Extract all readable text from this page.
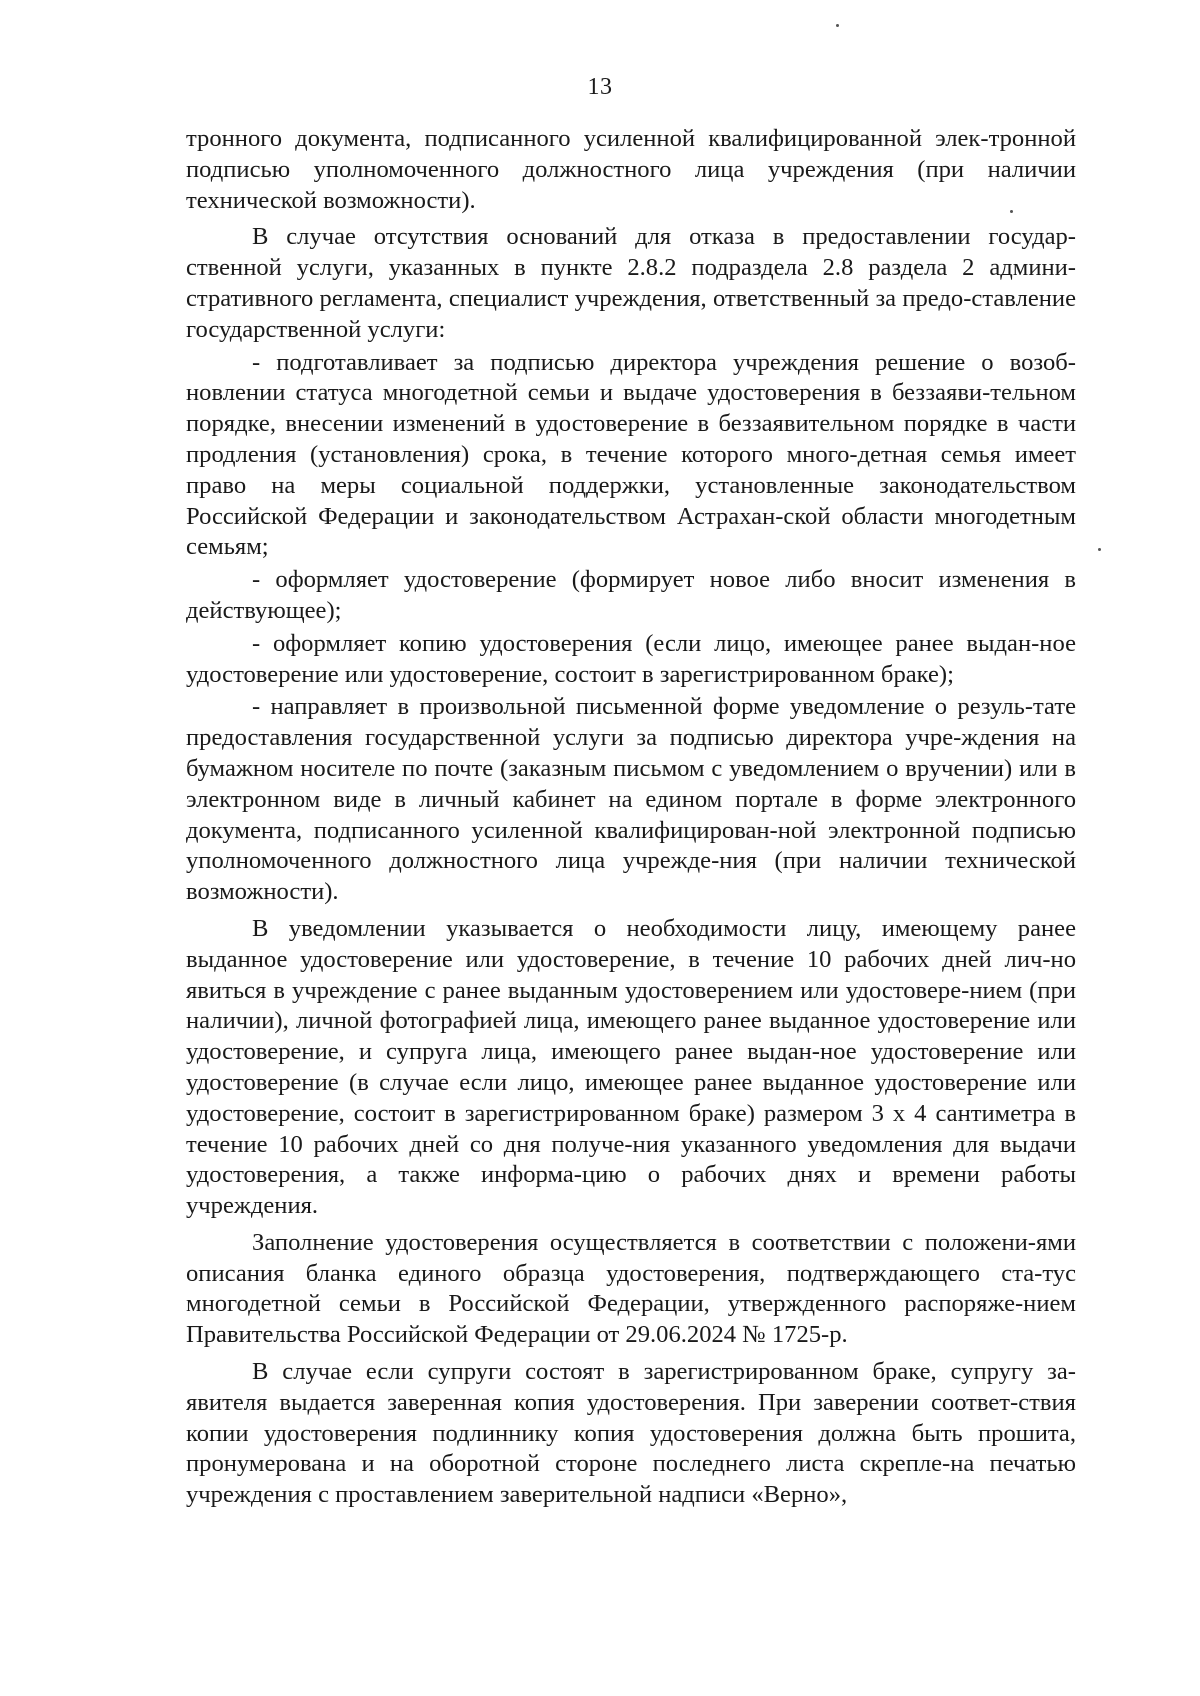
13

тронного документа, подписанного усиленной квалифицированной элек-тронной подписью уполномоченного должностного лица учреждения (при наличии технической возможности).

В случае отсутствия оснований для отказа в предоставлении государ-ственной услуги, указанных в пункте 2.8.2 подраздела 2.8 раздела 2 админи-стративного регламента, специалист учреждения, ответственный за предо-ставление государственной услуги:

- подготавливает за подписью директора учреждения решение о возоб-новлении статуса многодетной семьи и выдаче удостоверения в беззаяви-тельном порядке, внесении изменений в удостоверение в беззаявительном порядке в части продления (установления) срока, в течение которого много-детная семья имеет право на меры социальной поддержки, установленные законодательством Российской Федерации и законодательством Астрахан-ской области многодетным семьям;

- оформляет удостоверение (формирует новое либо вносит изменения в действующее);

- оформляет копию удостоверения (если лицо, имеющее ранее выдан-ное удостоверение или удостоверение, состоит в зарегистрированном браке);

- направляет в произвольной письменной форме уведомление о резуль-тате предоставления государственной услуги за подписью директора учре-ждения на бумажном носителе по почте (заказным письмом с уведомлением о вручении) или в электронном виде в личный кабинет на едином портале в форме электронного документа, подписанного усиленной квалифицирован-ной электронной подписью уполномоченного должностного лица учрежде-ния (при наличии технической возможности).

В уведомлении указывается о необходимости лицу, имеющему ранее выданное удостоверение или удостоверение, в течение 10 рабочих дней лич-но явиться в учреждение с ранее выданным удостоверением или удостовере-нием (при наличии), личной фотографией лица, имеющего ранее выданное удостоверение или удостоверение, и супруга лица, имеющего ранее выдан-ное удостоверение или удостоверение (в случае если лицо, имеющее ранее выданное удостоверение или удостоверение, состоит в зарегистрированном браке) размером 3 х 4 сантиметра в течение 10 рабочих дней со дня получе-ния указанного уведомления для выдачи удостоверения, а также информа-цию о рабочих днях и времени работы учреждения.

Заполнение удостоверения осуществляется в соответствии с положени-ями описания бланка единого образца удостоверения, подтверждающего ста-тус многодетной семьи в Российской Федерации, утвержденного распоряже-нием Правительства Российской Федерации от 29.06.2024 № 1725-р.

В случае если супруги состоят в зарегистрированном браке, супругу за-явителя выдается заверенная копия удостоверения. При заверении соответ-ствия копии удостоверения подлиннику копия удостоверения должна быть прошита, пронумерована и на оборотной стороне последнего листа скрепле-на печатью учреждения с проставлением заверительной надписи «Верно»,
